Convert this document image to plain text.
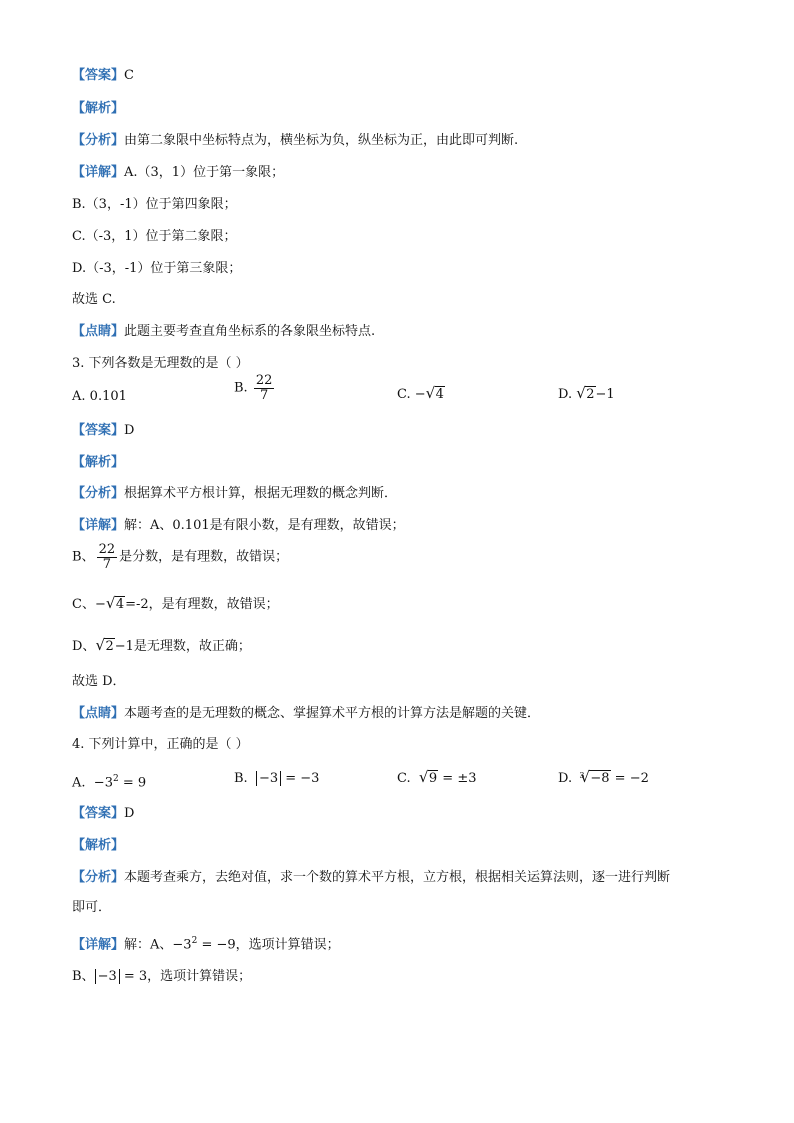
【答案】C
【解析】
【分析】由第二象限中坐标特点为，横坐标为负，纵坐标为正，由此即可判断.
【详解】A.（3，1）位于第一象限；
B.（3，-1）位于第四象限；
C.（-3，1）位于第二象限；
D.（-3，-1）位于第三象限；
故选 C.
【点睛】此题主要考查直角坐标系的各象限坐标特点.
3. 下列各数是无理数的是（ ）
A. 0.101
B. $\frac{22}{7}$	C. − √ 4	D. √ 2−1
【答案】D
【解析】
【分析】根据算术平方根计算，根据无理数的概念判断．
【详解】解：A、0.101是有限小数，是有理数，故错误；
B、 $\frac{22}{7}$ 是分数，是有理数，故错误；
C、− √ 4=-2，是有理数，故错误；
D、 √ 2−1是无理数，故正确；
故选 D．
【点睛】本题考查的是无理数的概念、掌握算术平方根的计算方法是解题的关键．
4. 下列计算中，正确的是（ ）
A. $-3^2 = 9$	B. −3 = −3	C. √ 9 = ±3	D. 3 √ −8 = −2
【答案】D
【解析】
【分析】本题考查乘方，去绝对值，求一个数的算术平方根，立方根，根据相关运算法则，逐一进行判断
即可．
【详解】解：A、$-3^2 = -9$，选项计算错误；
B、 −3 = 3，选项计算错误；
